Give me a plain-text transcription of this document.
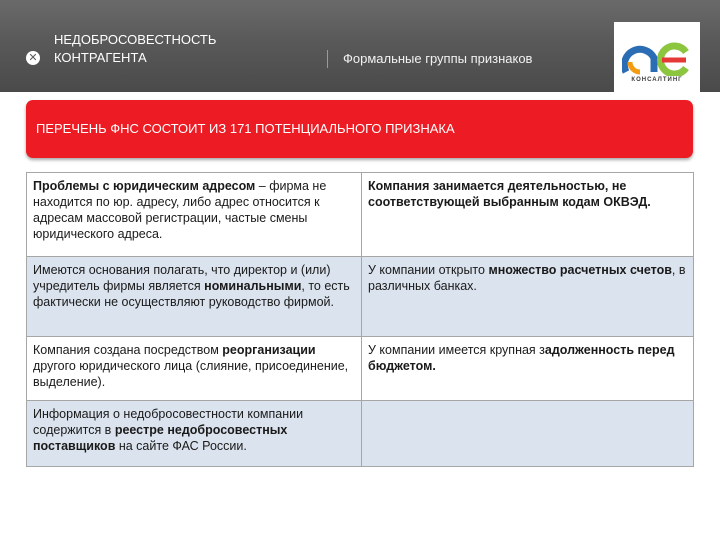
✕
НЕДОБРОСОВЕСТНОСТЬ
КОНТРАГЕНТА	Формальные группы признаков
КОНСАЛТИНГ
ПЕРЕЧЕНЬ ФНС СОСТОИТ ИЗ 171 ПОТЕНЦИАЛЬНОГО ПРИЗНАКА
Проблемы с юридическим адресом – фирма не находится по юр. адресу, либо адрес относится к адресам массовой регистрации, частые смены юридического адреса.	Компания занимается деятельностью, не соответствующей выбранным кодам ОКВЭД.
Имеются основания полагать, что директор и (или) учредитель фирмы является номинальными, то есть фактически не осуществляют руководство фирмой.	У компании открыто множество расчетных счетов, в различных банках.
Компания создана посредством реорганизации другого юридического лица (слияние, присоединение, выделение).	У компании имеется крупная задолженность перед бюджетом.
Информация о недобросовестности компании содержится в реестре недобросовестных поставщиков на сайте ФАС России.	
